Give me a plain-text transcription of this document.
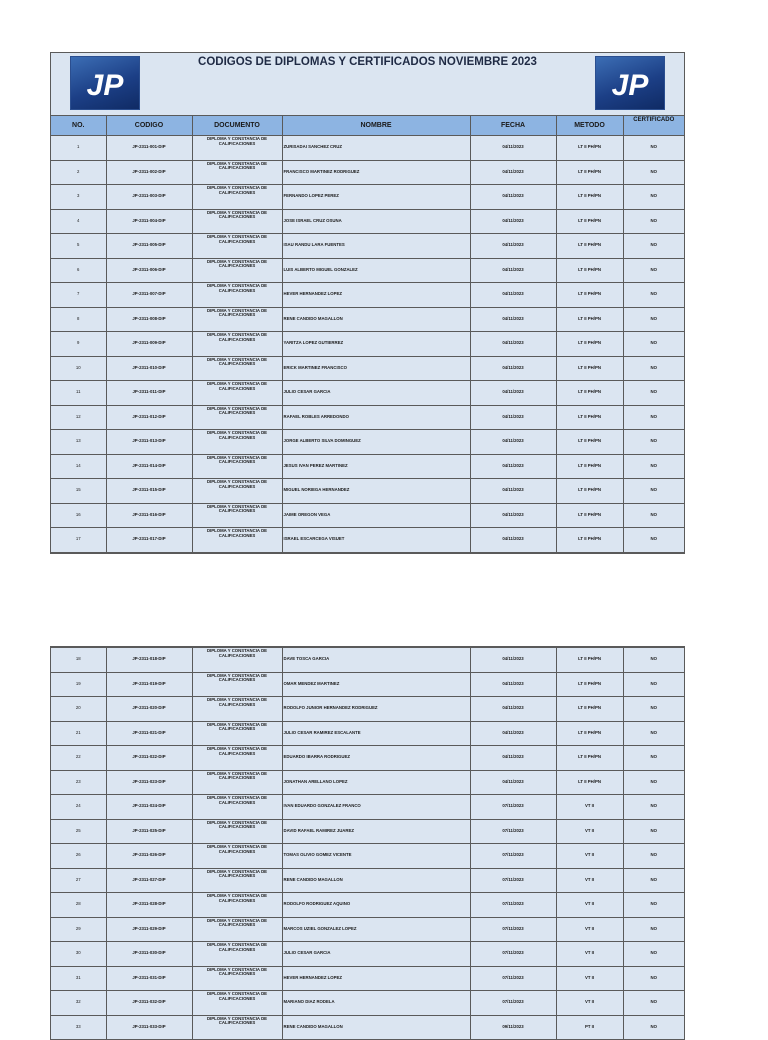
JP
CODIGOS DE DIPLOMAS Y CERTIFICADOS NOVIEMBRE 2023
JP
NO.	CODIGO	DOCUMENTO	NOMBRE	FECHA	METODO	CERTIFICADO
1	JP-2311-001-DIP	DIPLOMA Y CONSTANCIA DE CALIFICACIONES	ZURISADAI SANCHEZ CRUZ	04/11/2023	LT II PH/PN	NO
2	JP-2311-002-DIP	DIPLOMA Y CONSTANCIA DE CALIFICACIONES	FRANCISCO MARTINEZ RODRIGUEZ	04/11/2023	LT II PH/PN	NO
3	JP-2311-003-DIP	DIPLOMA Y CONSTANCIA DE CALIFICACIONES	FERNANDO LOPEZ PEREZ	04/11/2023	LT II PH/PN	NO
4	JP-2311-004-DIP	DIPLOMA Y CONSTANCIA DE CALIFICACIONES	JOSE ISRAEL CRUZ OSUNA	04/11/2023	LT II PH/PN	NO
5	JP-2311-005-DIP	DIPLOMA Y CONSTANCIA DE CALIFICACIONES	ISAU RANDU LARA FUENTES	04/11/2023	LT II PH/PN	NO
6	JP-2311-006-DIP	DIPLOMA Y CONSTANCIA DE CALIFICACIONES	LUIS ALBERTO MIGUEL GONZALEZ	04/11/2023	LT II PH/PN	NO
7	JP-2311-007-DIP	DIPLOMA Y CONSTANCIA DE CALIFICACIONES	HEVER HERNANDEZ LOPEZ	04/11/2023	LT II PH/PN	NO
8	JP-2311-008-DIP	DIPLOMA Y CONSTANCIA DE CALIFICACIONES	RENE CANDIDO MAGALLON	04/11/2023	LT II PH/PN	NO
9	JP-2311-009-DIP	DIPLOMA Y CONSTANCIA DE CALIFICACIONES	YARITZA LOPEZ GUTIERREZ	04/11/2023	LT II PH/PN	NO
10	JP-2311-010-DIP	DIPLOMA Y CONSTANCIA DE CALIFICACIONES	ERICK MARTINEZ FRANCISCO	04/11/2023	LT II PH/PN	NO
11	JP-2311-011-DIP	DIPLOMA Y CONSTANCIA DE CALIFICACIONES	JULIO CESAR GARCIA	04/11/2023	LT II PH/PN	NO
12	JP-2311-012-DIP	DIPLOMA Y CONSTANCIA DE CALIFICACIONES	RAFAEL ROBLES ARREDONDO	04/11/2023	LT II PH/PN	NO
13	JP-2311-013-DIP	DIPLOMA Y CONSTANCIA DE CALIFICACIONES	JORGE ALBERTO SILVA DOMINGUEZ	04/11/2023	LT II PH/PN	NO
14	JP-2311-014-DIP	DIPLOMA Y CONSTANCIA DE CALIFICACIONES	JESUS IVAN PEREZ MARTINEZ	04/11/2023	LT II PH/PN	NO
15	JP-2311-015-DIP	DIPLOMA Y CONSTANCIA DE CALIFICACIONES	MIGUEL NORIEGA HERNANDEZ	04/11/2023	LT II PH/PN	NO
16	JP-2311-016-DIP	DIPLOMA Y CONSTANCIA DE CALIFICACIONES	JAIME OREGON VEGA	04/11/2023	LT II PH/PN	NO
17	JP-2311-017-DIP	DIPLOMA Y CONSTANCIA DE CALIFICACIONES	ISRAEL ESCARCEGA VISUET	04/11/2023	LT II PH/PN	NO
18	JP-2311-018-DIP	DIPLOMA Y CONSTANCIA DE CALIFICACIONES	DAVE TOSCA GARCIA	04/11/2023	LT II PH/PN	NO
19	JP-2311-019-DIP	DIPLOMA Y CONSTANCIA DE CALIFICACIONES	OMAR MENDEZ MARTINEZ	04/11/2023	LT II PH/PN	NO
20	JP-2311-020-DIP	DIPLOMA Y CONSTANCIA DE CALIFICACIONES	RODOLFO JUNIOR HERNANDEZ RODRIGUEZ	04/11/2023	LT II PH/PN	NO
21	JP-2311-021-DIP	DIPLOMA Y CONSTANCIA DE CALIFICACIONES	JULIO CESAR RAMIREZ ESCALANTE	04/11/2023	LT II PH/PN	NO
22	JP-2311-022-DIP	DIPLOMA Y CONSTANCIA DE CALIFICACIONES	EDUARDO IBARRA RODRIGUEZ	04/11/2023	LT II PH/PN	NO
23	JP-2311-023-DIP	DIPLOMA Y CONSTANCIA DE CALIFICACIONES	JONATHAN ARELLANO LOPEZ	04/11/2023	LT II PH/PN	NO
24	JP-2311-024-DIP	DIPLOMA Y CONSTANCIA DE CALIFICACIONES	IVAN EDUARDO GONZALEZ FRANCO	07/11/2023	VT II	NO
25	JP-2311-025-DIP	DIPLOMA Y CONSTANCIA DE CALIFICACIONES	DAVID RAFAEL RAMIREZ JUAREZ	07/11/2023	VT II	NO
26	JP-2311-026-DIP	DIPLOMA Y CONSTANCIA DE CALIFICACIONES	TOMAS OLIVIO GOMEZ VICENTE	07/11/2023	VT II	NO
27	JP-2311-027-DIP	DIPLOMA Y CONSTANCIA DE CALIFICACIONES	RENE CANDIDO MAGALLON	07/11/2023	VT II	NO
28	JP-2311-028-DIP	DIPLOMA Y CONSTANCIA DE CALIFICACIONES	RODOLFO RODRIGUEZ AQUINO	07/11/2023	VT II	NO
29	JP-2311-029-DIP	DIPLOMA Y CONSTANCIA DE CALIFICACIONES	MARCOS UZIEL GONZALEZ LOPEZ	07/11/2023	VT II	NO
30	JP-2311-030-DIP	DIPLOMA Y CONSTANCIA DE CALIFICACIONES	JULIO CESAR GARCIA	07/11/2023	VT II	NO
31	JP-2311-031-DIP	DIPLOMA Y CONSTANCIA DE CALIFICACIONES	HEVER HERNANDEZ LOPEZ	07/11/2023	VT II	NO
32	JP-2311-032-DIP	DIPLOMA Y CONSTANCIA DE CALIFICACIONES	MARIANO DIAZ RODELA	07/11/2023	VT II	NO
33	JP-2311-033-DIP	DIPLOMA Y CONSTANCIA DE CALIFICACIONES	RENE CANDIDO MAGALLON	09/11/2023	PT II	NO
